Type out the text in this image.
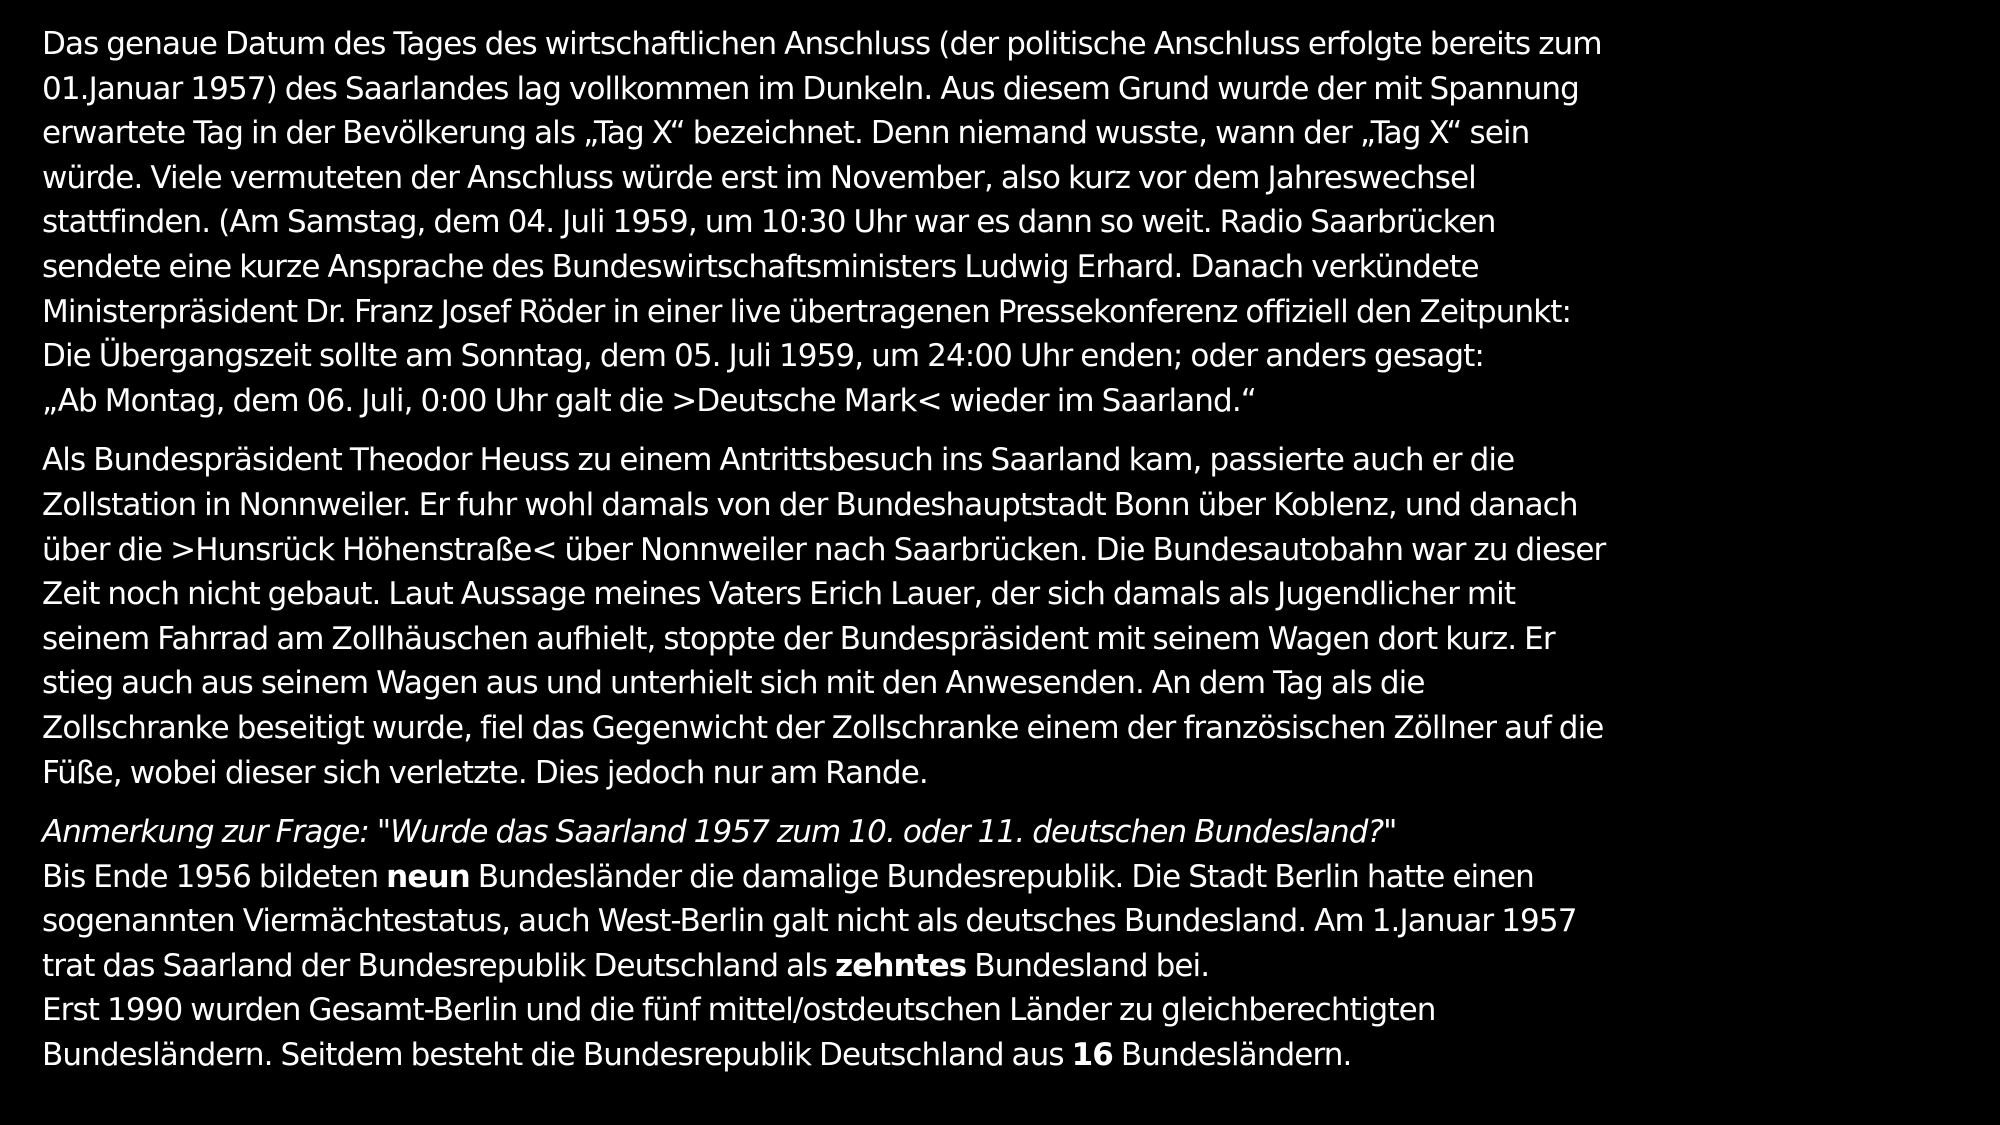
Das genaue Datum des Tages des wirtschaftlichen Anschluss (der politische Anschluss erfolgte bereits zum
01.Januar 1957) des Saarlandes lag vollkommen im Dunkeln. Aus diesem Grund wurde der mit Spannung
erwartete Tag in der Bevölkerung als „Tag X“ bezeichnet. Denn niemand wusste, wann der „Tag X“ sein
würde. Viele vermuteten der Anschluss würde erst im November, also kurz vor dem Jahreswechsel
stattfinden. (Am Samstag, dem 04. Juli 1959, um 10:30 Uhr war es dann so weit. Radio Saarbrücken
sendete eine kurze Ansprache des Bundeswirtschaftsministers Ludwig Erhard. Danach verkündete
Ministerpräsident Dr. Franz Josef Röder in einer live übertragenen Pressekonferenz offiziell den Zeitpunkt:
Die Übergangszeit sollte am Sonntag, dem 05. Juli 1959, um 24:00 Uhr enden; oder anders gesagt:
„Ab Montag, dem 06. Juli, 0:00 Uhr galt die >Deutsche Mark< wieder im Saarland.“
Als Bundespräsident Theodor Heuss zu einem Antrittsbesuch ins Saarland kam, passierte auch er die
Zollstation in Nonnweiler. Er fuhr wohl damals von der Bundeshauptstadt Bonn über Koblenz, und danach
über die >Hunsrück Höhenstraße< über Nonnweiler nach Saarbrücken. Die Bundesautobahn war zu dieser
Zeit noch nicht gebaut. Laut Aussage meines Vaters Erich Lauer, der sich damals als Jugendlicher mit
seinem Fahrrad am Zollhäuschen aufhielt, stoppte der Bundespräsident mit seinem Wagen dort kurz. Er
stieg auch aus seinem Wagen aus und unterhielt sich mit den Anwesenden. An dem Tag als die
Zollschranke beseitigt wurde, fiel das Gegenwicht der Zollschranke einem der französischen Zöllner auf die
Füße, wobei dieser sich verletzte. Dies jedoch nur am Rande.
Anmerkung zur Frage: "Wurde das Saarland 1957 zum 10. oder 11. deutschen Bundesland?"
Bis Ende 1956 bildeten neun Bundesländer die damalige Bundesrepublik. Die Stadt Berlin hatte einen
sogenannten Viermächtestatus, auch West-Berlin galt nicht als deutsches Bundesland. Am 1.Januar 1957
trat das Saarland der Bundesrepublik Deutschland als zehntes Bundesland bei.
Erst 1990 wurden Gesamt-Berlin und die fünf mittel/ostdeutschen Länder zu gleichberechtigten
Bundesländern. Seitdem besteht die Bundesrepublik Deutschland aus 16 Bundesländern.
